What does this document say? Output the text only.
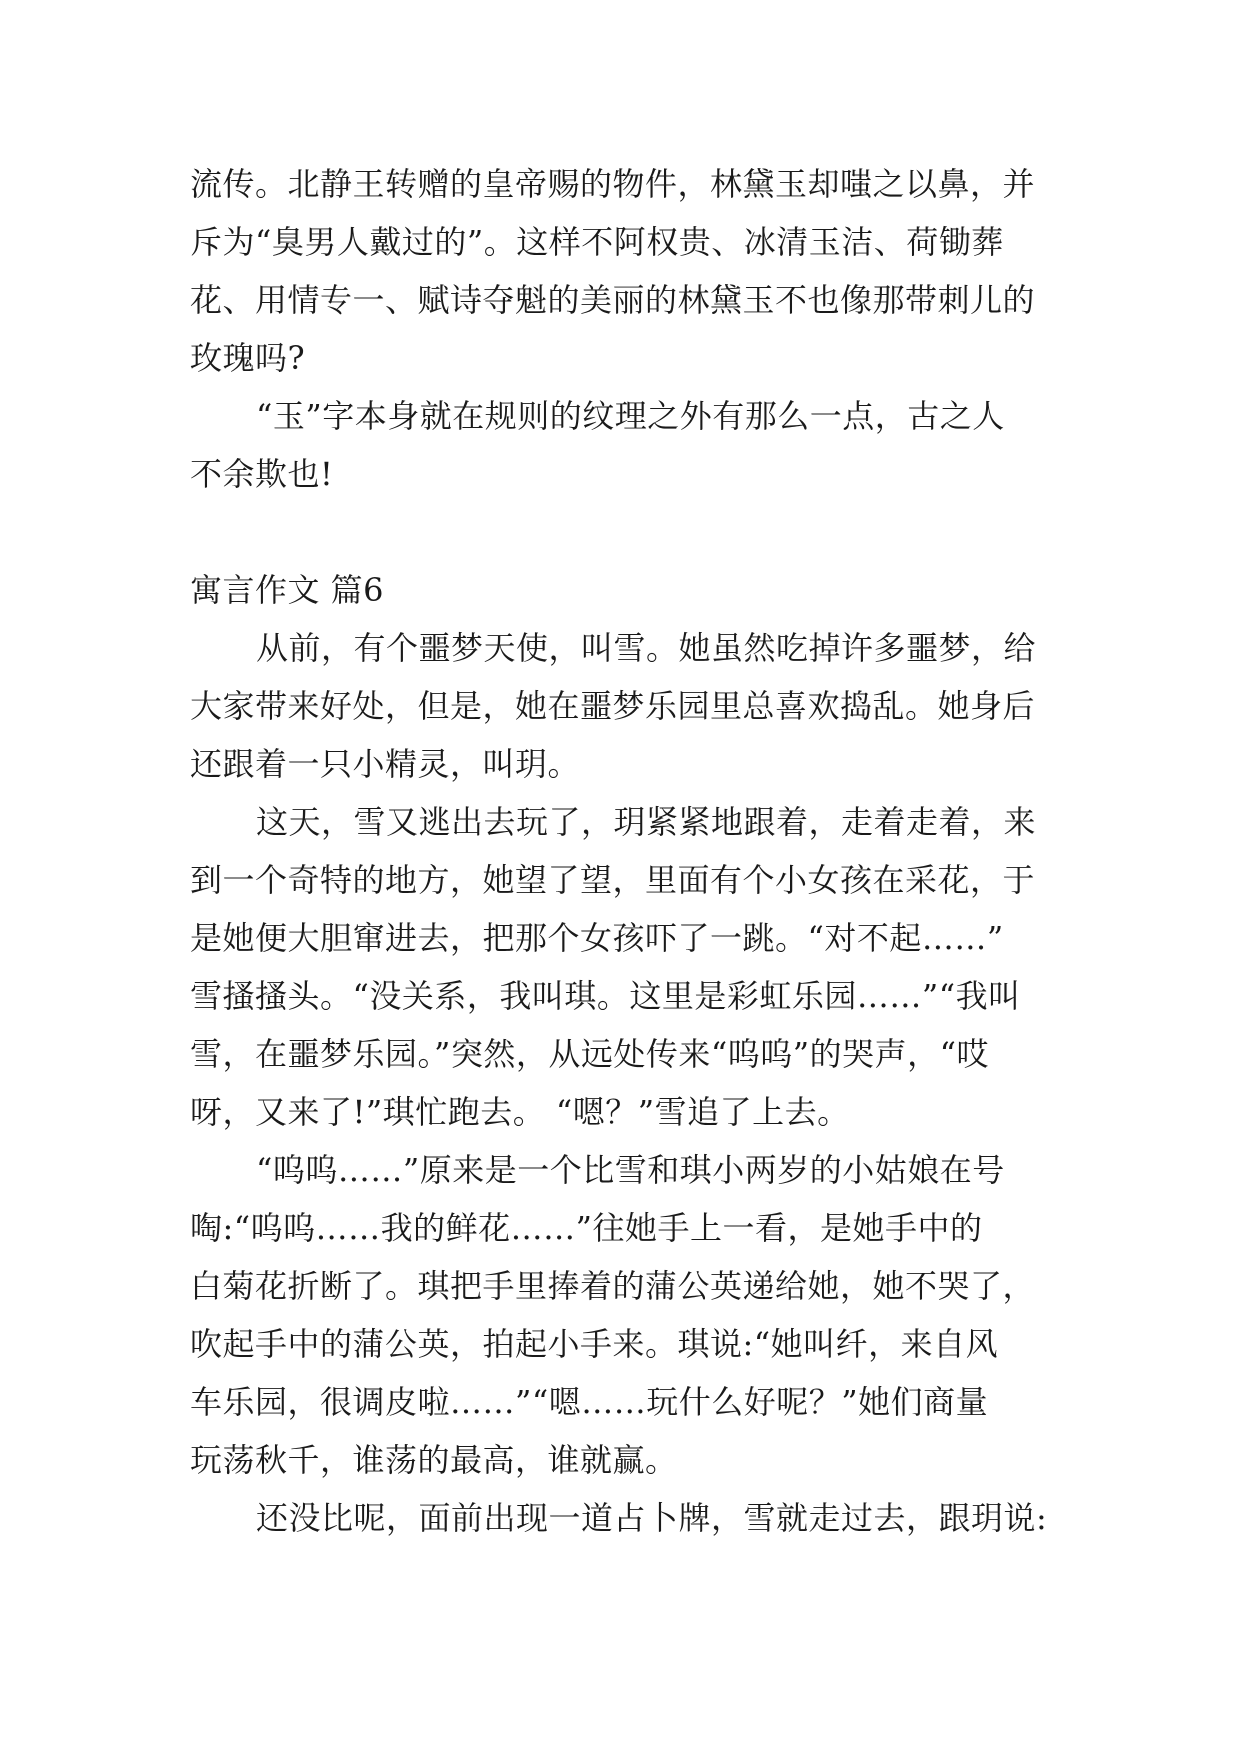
流传。北静王转赠的皇帝赐的物件，林黛玉却嗤之以鼻，并
斥为“臭男人戴过的”。这样不阿权贵、冰清玉洁、荷锄葬
花、用情专一、赋诗夺魁的美丽的林黛玉不也像那带刺儿的
玫瑰吗?
“玉”字本身就在规则的纹理之外有那么一点，古之人
不余欺也!
寓言作文 篇6
从前，有个噩梦天使，叫雪。她虽然吃掉许多噩梦，给
大家带来好处，但是，她在噩梦乐园里总喜欢捣乱。她身后
还跟着一只小精灵，叫玥。
这天，雪又逃出去玩了，玥紧紧地跟着，走着走着，来
到一个奇特的地方，她望了望，里面有个小女孩在采花，于
是她便大胆窜进去，把那个女孩吓了一跳。“对不起……”
雪搔搔头。“没关系，我叫琪。这里是彩虹乐园……”“我叫
雪，在噩梦乐园。”突然，从远处传来“呜呜”的哭声，“哎
呀，又来了!”琪忙跑去。 “嗯？”雪追了上去。
“呜呜……”原来是一个比雪和琪小两岁的小姑娘在号
啕:“呜呜……我的鲜花……”往她手上一看，是她手中的
白菊花折断了。琪把手里捧着的蒲公英递给她，她不哭了，
吹起手中的蒲公英，拍起小手来。琪说:“她叫纤，来自风
车乐园，很调皮啦……”“嗯……玩什么好呢？”她们商量
玩荡秋千，谁荡的最高，谁就赢。
还没比呢，面前出现一道占卜牌，雪就走过去，跟玥说:
